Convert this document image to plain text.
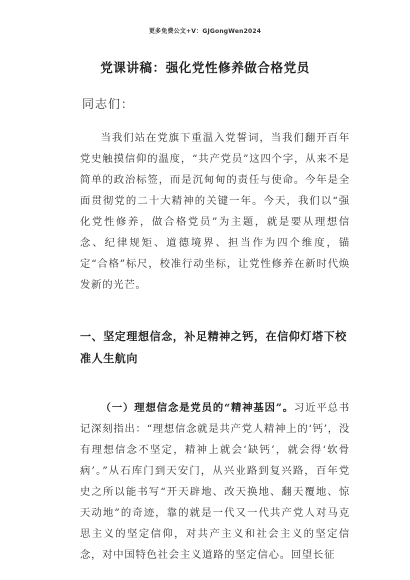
更多免费公文+V：GJGongWen2024
党课讲稿：强化党性修养做合格党员
同志们：

当我们站在党旗下重温入党誓词，当我们翻开百年党史触摸信仰的温度，“共产党员”这四个字，从来不是简单的政治标签，而是沉甸甸的责任与使命。今年是全面贯彻党的二十大精神的关键一年。今天，我们以“强化党性修养，做合格党员”为主题，就是要从理想信念、纪律规矩、道德境界、担当作为四个维度，锚定“合格”标尺，校准行动坐标，让党性修养在新时代焕发新的光芒。

一、坚定理想信念，补足精神之钙，在信仰灯塔下校准人生航向

（一）理想信念是党员的“精神基因”。习近平总书记深刻指出：“理想信念就是共产党人精神上的‘钙’，没有理想信念不坚定，精神上就会‘缺钙’，就会得‘软骨病’。”从石库门到天安门，从兴业路到复兴路，百年党史之所以能书写“开天辟地、改天换地、翻天覆地、惊天动地”的奇迹，靠的就是一代又一代共产党人对马克思主义的坚定信仰，对共产主义和社会主义的坚定信念，对中国特色社会主义道路的坚定信心。回望长征
